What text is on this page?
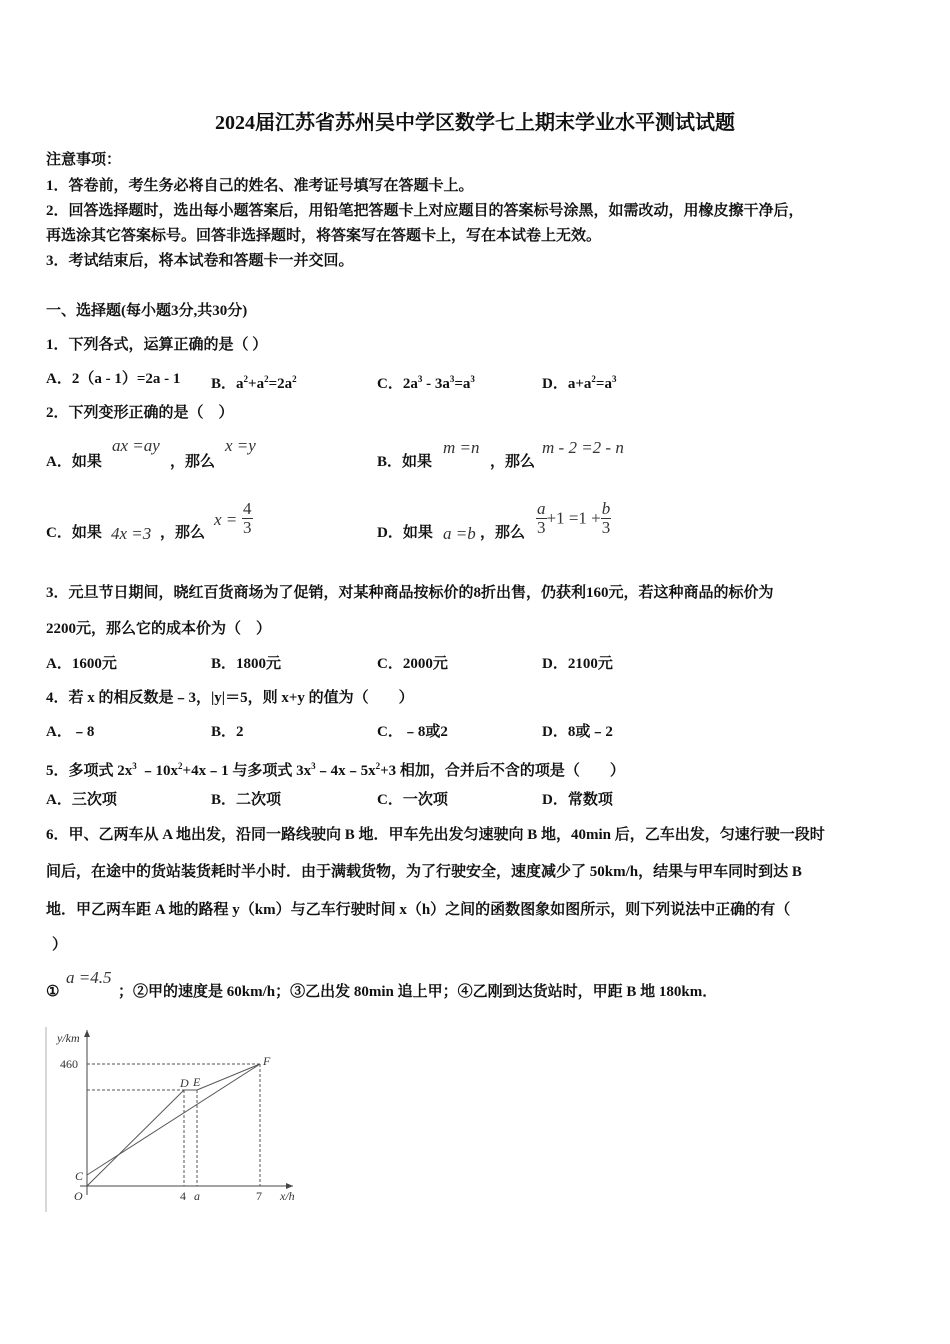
2024届江苏省苏州吴中学区数学七上期末学业水平测试试题
注意事项：
1．答卷前，考生务必将自己的姓名、准考证号填写在答题卡上。
2．回答选择题时，选出每小题答案后，用铅笔把答题卡上对应题目的答案标号涂黑，如需改动，用橡皮擦干净后，
再选涂其它答案标号。回答非选择题时，将答案写在答题卡上，写在本试卷上无效。
3．考试结束后，将本试卷和答题卡一并交回。
一、选择题(每小题3分,共30分)
1．下列各式，运算正确的是（ ）
A．2（a - 1）=2a - 1 B．$a^2+a^2=2a^2$	C．$2a^3 - 3a^3=a^3$	D．$a+a^2=a^3$
2．下列变形正确的是（　）
A．如果
ax =ay
，那么
x =y
B．如果
m =n
，那么
m - 2 =2 - n
C．如果 4x =3 ，那么
$x = \frac{4}{3}$	D．如果 a =b ，那么 $\frac{a}{3} +1 =1 + \frac{b}{3}$
3．元旦节日期间，晓红百货商场为了促销，对某种商品按标价的8折出售，仍获利160元，若这种商品的标价为
2200元，那么它的成本价为（　）
A．1600元	B．1800元	C．2000元	D．2100元
4．若 x 的相反数是﹣3，|y|＝5，则 x+y 的值为（　　）
A．﹣8	B．2	C．﹣8或2	D．8或﹣2
5．多项式 $2x^3$ $﹣10x^2+4x﹣1$ 与多项式 $3x^3﹣4x﹣5x^2+3$ 相加，合并后不含的项是（　　）
A．三次项	B．二次项	C．一次项	D．常数项
6．甲、乙两车从 A 地出发，沿同一路线驶向 B 地．甲车先出发匀速驶向 B 地，40min 后，乙车出发，匀速行驶一段时
间后，在途中的货站装货耗时半小时．由于满载货物，为了行驶安全，速度减少了 50km/h，结果与甲车同时到达 B
地．甲乙两车距 A 地的路程 y（km）与乙车行驶时间 x（h）之间的函数图象如图所示，则下列说法中正确的有（
）
①
a =4.5
；②甲的速度是 60km/h；③乙出发 80min 追上甲；④乙刚到达货站时，甲距 B 地 180km．
y/km
460
O
C
D E
F
4 a	7 x/h
